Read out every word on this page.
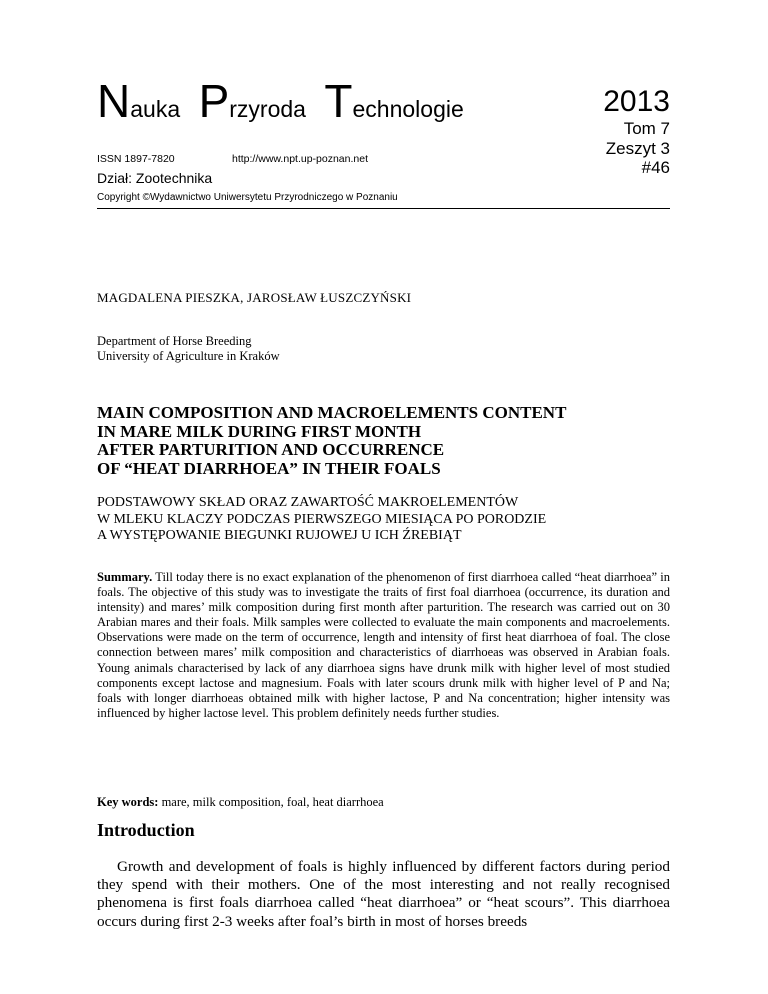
Nauka Przyroda Technologie	2013
Tom 7
Zeszyt 3
#46
ISSN 1897-7820	http://www.npt.up-poznan.net
Dział: Zootechnika
Copyright ©Wydawnictwo Uniwersytetu Przyrodniczego w Poznaniu
MAGDALENA PIESZKA, JAROSŁAW ŁUSZCZYŃSKI
Department of Horse Breeding
University of Agriculture in Kraków
MAIN COMPOSITION AND MACROELEMENTS CONTENT
IN MARE MILK DURING FIRST MONTH
AFTER PARTURITION AND OCCURRENCE
OF “HEAT DIARRHOEA” IN THEIR FOALS
PODSTAWOWY SKŁAD ORAZ ZAWARTOŚĆ MAKROELEMENTÓW
W MLEKU KLACZY PODCZAS PIERWSZEGO MIESIĄCA PO PORODZIE
A WYSTĘPOWANIE BIEGUNKI RUJOWEJ U ICH ŹREBIĄT
Summary. Till today there is no exact explanation of the phenomenon of first diarrhoea called “heat diarrhoea” in foals. The objective of this study was to investigate the traits of first foal diarrhoea (occurrence, its duration and intensity) and mares’ milk composition during first month after parturition. The research was carried out on 30 Arabian mares and their foals. Milk samples were collected to evaluate the main components and macroelements. Observations were made on the term of occurrence, length and intensity of first heat diarrhoea of foal. The close connection between mares’ milk composition and characteristics of diarrhoeas was observed in Arabian foals. Young animals characterised by lack of any diarrhoea signs have drunk milk with higher level of most studied components except lactose and magnesium. Foals with later scours drunk milk with higher level of P and Na; foals with longer diarrhoeas obtained milk with higher lactose, P and Na concentration; higher intensity was influenced by higher lactose level. This problem definitely needs further studies.
Key words: mare, milk composition, foal, heat diarrhoea
Introduction
Growth and development of foals is highly influenced by different factors during period they spend with their mothers. One of the most interesting and not really recognised phenomena is first foals diarrhoea called “heat diarrhoea” or “heat scours”. This diarrhoea occurs during first 2-3 weeks after foal’s birth in most of horses breeds
